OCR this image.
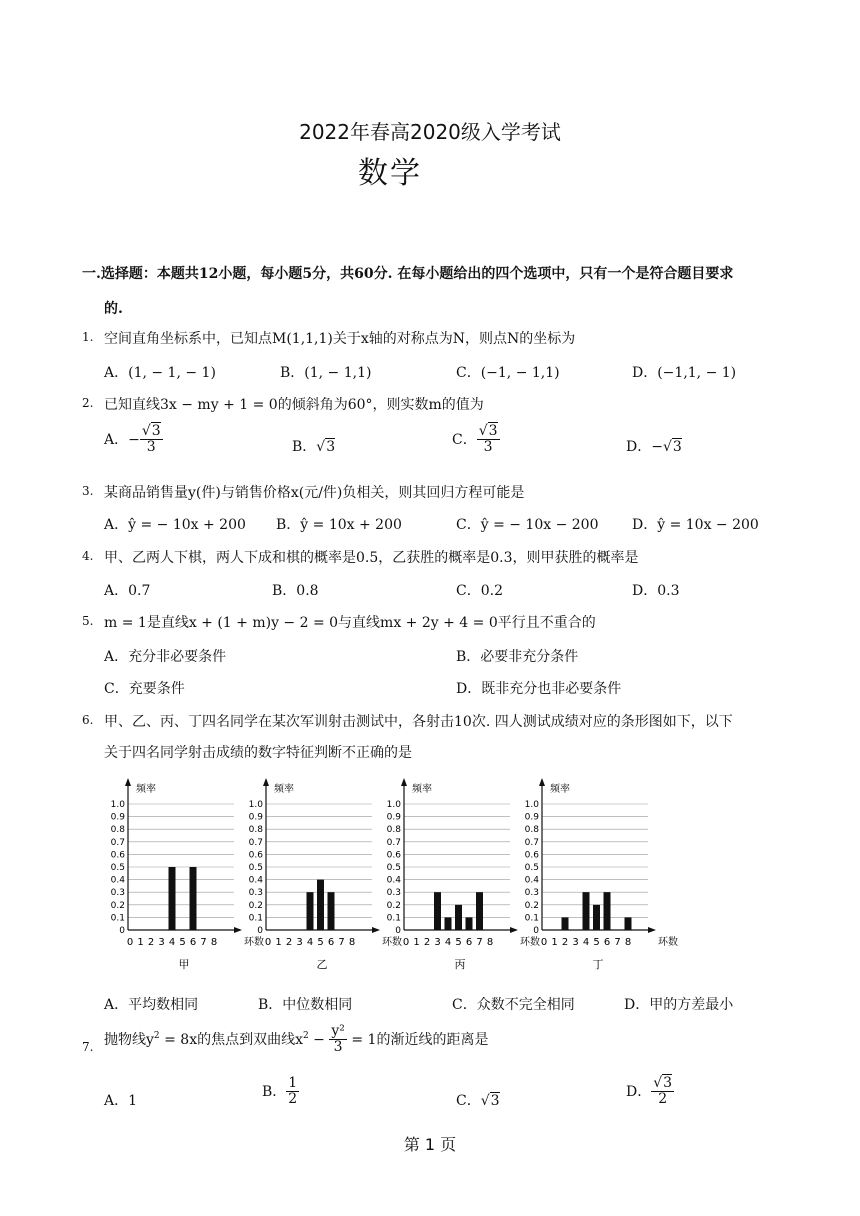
2022年春高2020级入学考试
数学
一.选择题：本题共12小题，每小题5分，共60分. 在每小题给出的四个选项中，只有一个是符合题目要求
的.
1. 空间直角坐标系中，已知点M(1,1,1)关于x轴的对称点为N，则点N的坐标为
A．(1, − 1, − 1)	B．(1, − 1,1)	C．(−1, − 1,1)	D．(−1,1, − 1)
2. 已知直线3x − my + 1 = 0的倾斜角为60°，则实数m的值为
A．− $\frac{√3}{3}$	B．√3	C． $\frac{√3}{3}$	D．−√3
3. 某商品销售量y(件)与销售价格x(元/件)负相关，则其回归方程可能是
A．ŷ = − 10x + 200 B．ŷ = 10x + 200	C．ŷ = − 10x − 200 D．ŷ = 10x − 200
4. 甲、乙两人下棋，两人下成和棋的概率是0.5，乙获胜的概率是0.3，则甲获胜的概率是
A．0.7	B．0.8	C．0.2	D．0.3
5. m = 1是直线x + (1 + m)y − 2 = 0与直线mx + 2y + 4 = 0平行且不重合的
A．充分非必要条件	B．必要非充分条件
C．充要条件	D．既非充分也非必要条件
6. 甲、乙、丙、丁四名同学在某次军训射击测试中，各射击10次. 四人测试成绩对应的条形图如下，以下
关于四名同学射击成绩的数字特征判断不正确的是
0
0.1
0.2
0.3
0.4
0.5
0.6
0.7
0.8
0.9
1.0
频率
环数
0 1 2 3 4 5 6 7 8
甲
0
0.1
0.2
0.3
0.4
0.5
0.6
0.7
0.8
0.9
1.0
频率
环数
0 1 2 3 4 5 6 7 8
乙
0
0.1
0.2
0.3
0.4
0.5
0.6
0.7
0.8
0.9
1.0
频率
环数
0 1 2 3 4 5 6 7 8
丙
0
0.1
0.2
0.3
0.4
0.5
0.6
0.7
0.8
0.9
1.0
频率
环数
0 1 2 3 4 5 6 7 8
丁
A．平均数相同	B．中位数相同	C．众数不完全相同	D．甲的方差最小
7. 抛物线$y^2 = 8x$的焦点到双曲线$x^2 - \frac{\text{y²}}{3} = 1$的渐近线的距离是
A．1
B． $\frac{1}{2}$	C．√3
D． $\frac{√3}{2}$
第 1 页
